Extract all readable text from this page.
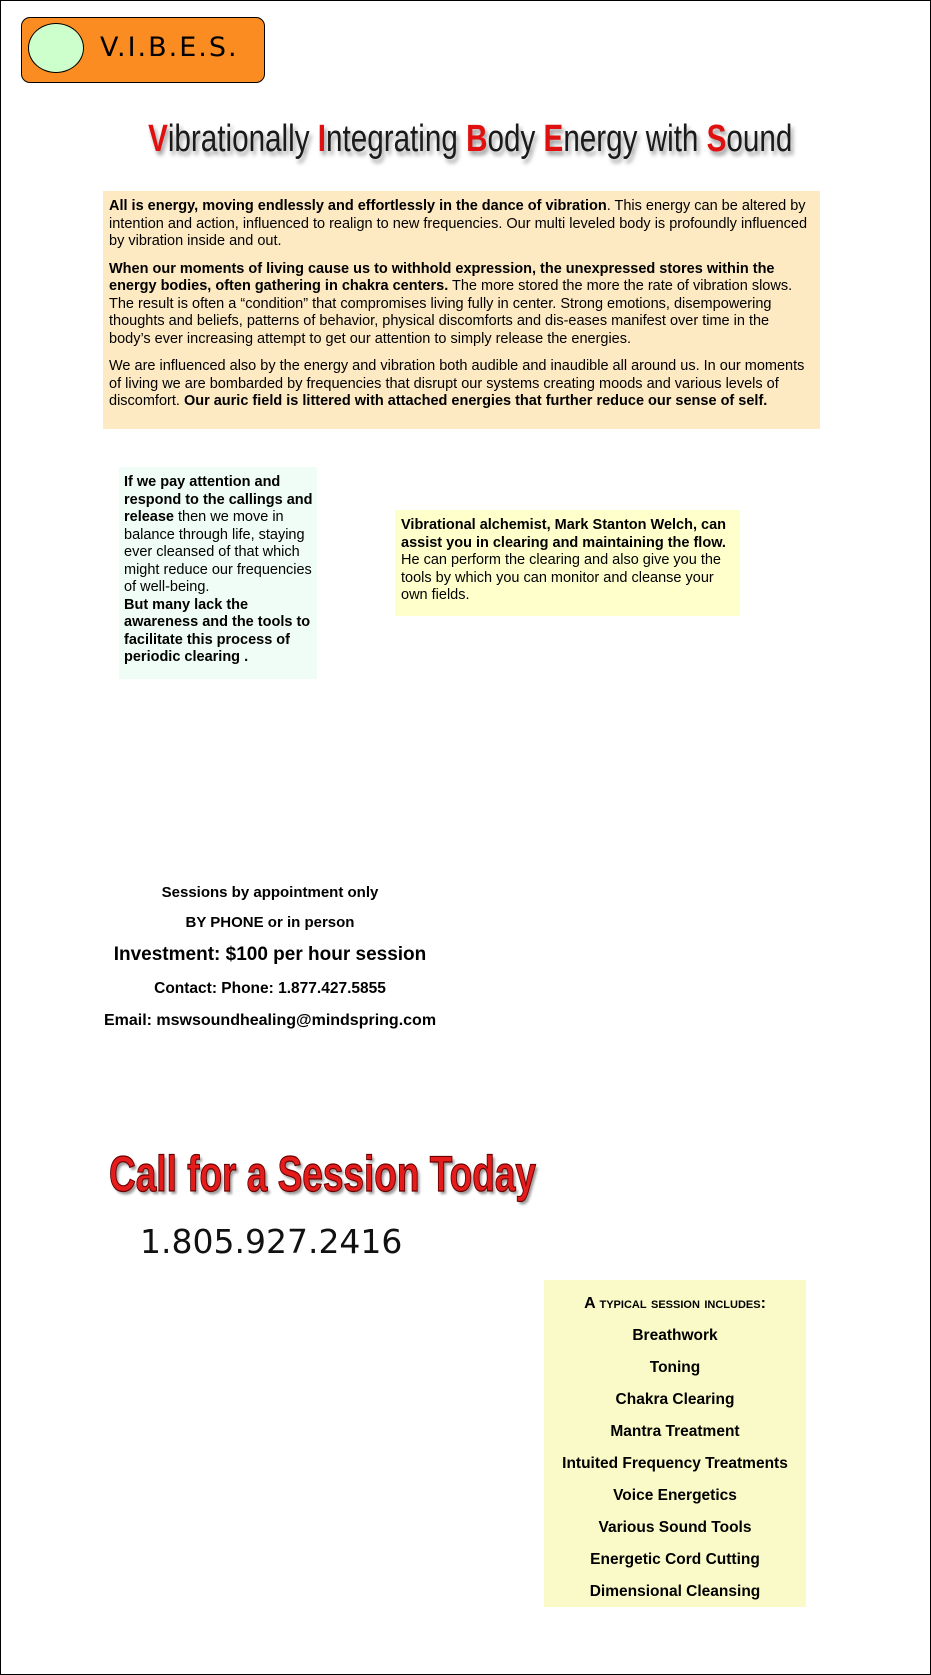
V.I.B.E.S.
Vibrationally Integrating Body Energy with Sound

All is energy, moving endlessly and effortlessly in the dance of vibration. This energy can be altered by intention and action, influenced to realign to new frequencies. Our multi leveled body is profoundly influenced by vibration inside and out.

When our moments of living cause us to withhold expression, the unexpressed stores within the energy bodies, often gathering in chakra centers. The more stored the more the rate of vibration slows. The result is often a “condition” that compromises living fully in center. Strong emotions, disempowering thoughts and beliefs, patterns of behavior, physical discomforts and dis-eases manifest over time in the body’s ever increasing attempt to get our attention to simply release the energies.

We are influenced also by the energy and vibration both audible and inaudible all around us. In our moments of living we are bombarded by frequencies that disrupt our systems creating moods and various levels of discomfort. Our auric field is littered with attached energies that further reduce our sense of self.

If we pay attention and respond to the callings and release then we move in balance through life, staying ever cleansed of that which might reduce our frequencies of well-being.
But many lack the awareness and the tools to facilitate this process of periodic clearing .
Vibrational alchemist, Mark Stanton Welch, can assist you in clearing and maintaining the flow. He can perform the clearing and also give you the tools by which you can monitor and cleanse your own fields.
Sessions by appointment only
BY PHONE or in person
Investment: $100 per hour session
Contact: Phone: 1.877.427.5855
Email: mswsoundhealing@mindspring.com
Call for a Session Today
1.805.927.2416
A typical session includes:
Breathwork
Toning
Chakra Clearing
Mantra Treatment
Intuited Frequency Treatments
Voice Energetics
Various Sound Tools
Energetic Cord Cutting
Dimensional Cleansing
